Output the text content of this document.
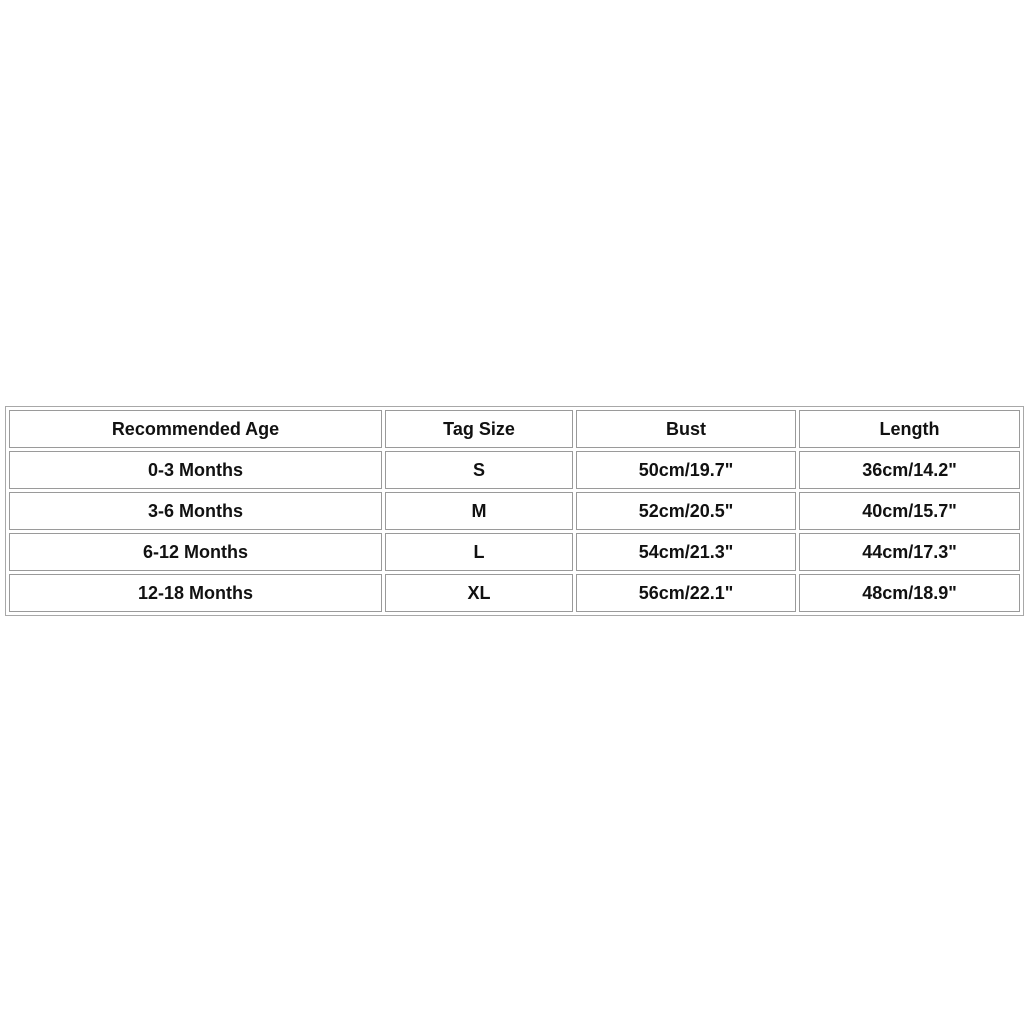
Recommended Age	Tag Size	Bust	Length
0-3 Months	S	50cm/19.7"	36cm/14.2"
3-6 Months	M	52cm/20.5"	40cm/15.7"
6-12 Months	L	54cm/21.3"	44cm/17.3"
12-18 Months	XL	56cm/22.1"	48cm/18.9"
